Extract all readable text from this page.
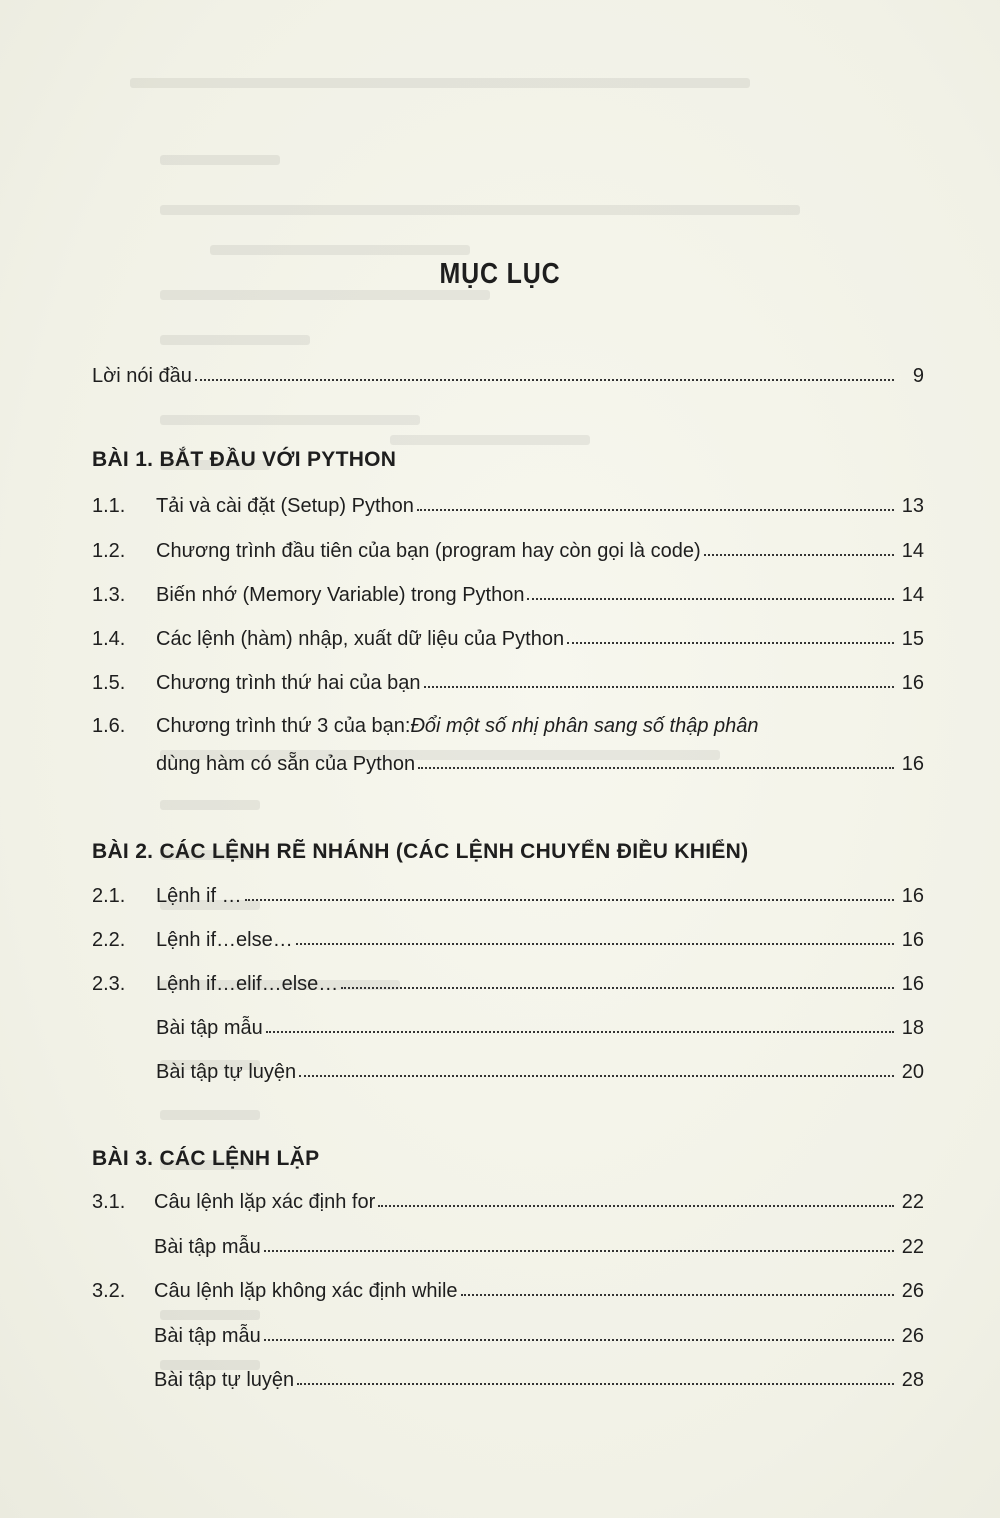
MỤC LỤC
Lời nói đầu	9
BÀI 1. BẮT ĐẦU VỚI PYTHON
1.1.	Tải và cài đặt (Setup) Python	13
1.2.	Chương trình đầu tiên của bạn (program hay còn gọi là code)	14
1.3.	Biến nhớ (Memory Variable) trong Python	14
1.4.	Các lệnh (hàm) nhập, xuất dữ liệu của Python	15
1.5.	Chương trình thứ hai của bạn	16
1.6.	Chương trình thứ 3 của bạn: Đổi một số nhị phân sang số thập phân
dùng hàm có sẵn của Python	16
BÀI 2. CÁC LỆNH RẼ NHÁNH (CÁC LỆNH CHUYỂN ĐIỀU KHIỂN)
2.1.	Lệnh if …	16
2.2.	Lệnh if…else…	16
2.3.	Lệnh if…elif…else…	16
Bài tập mẫu	18
Bài tập tự luyện	20
BÀI 3. CÁC LỆNH LẶP
3.1.	Câu lệnh lặp xác định for	22
Bài tập mẫu	22
3.2.	Câu lệnh lặp không xác định while	26
Bài tập mẫu	26
Bài tập tự luyện	28
